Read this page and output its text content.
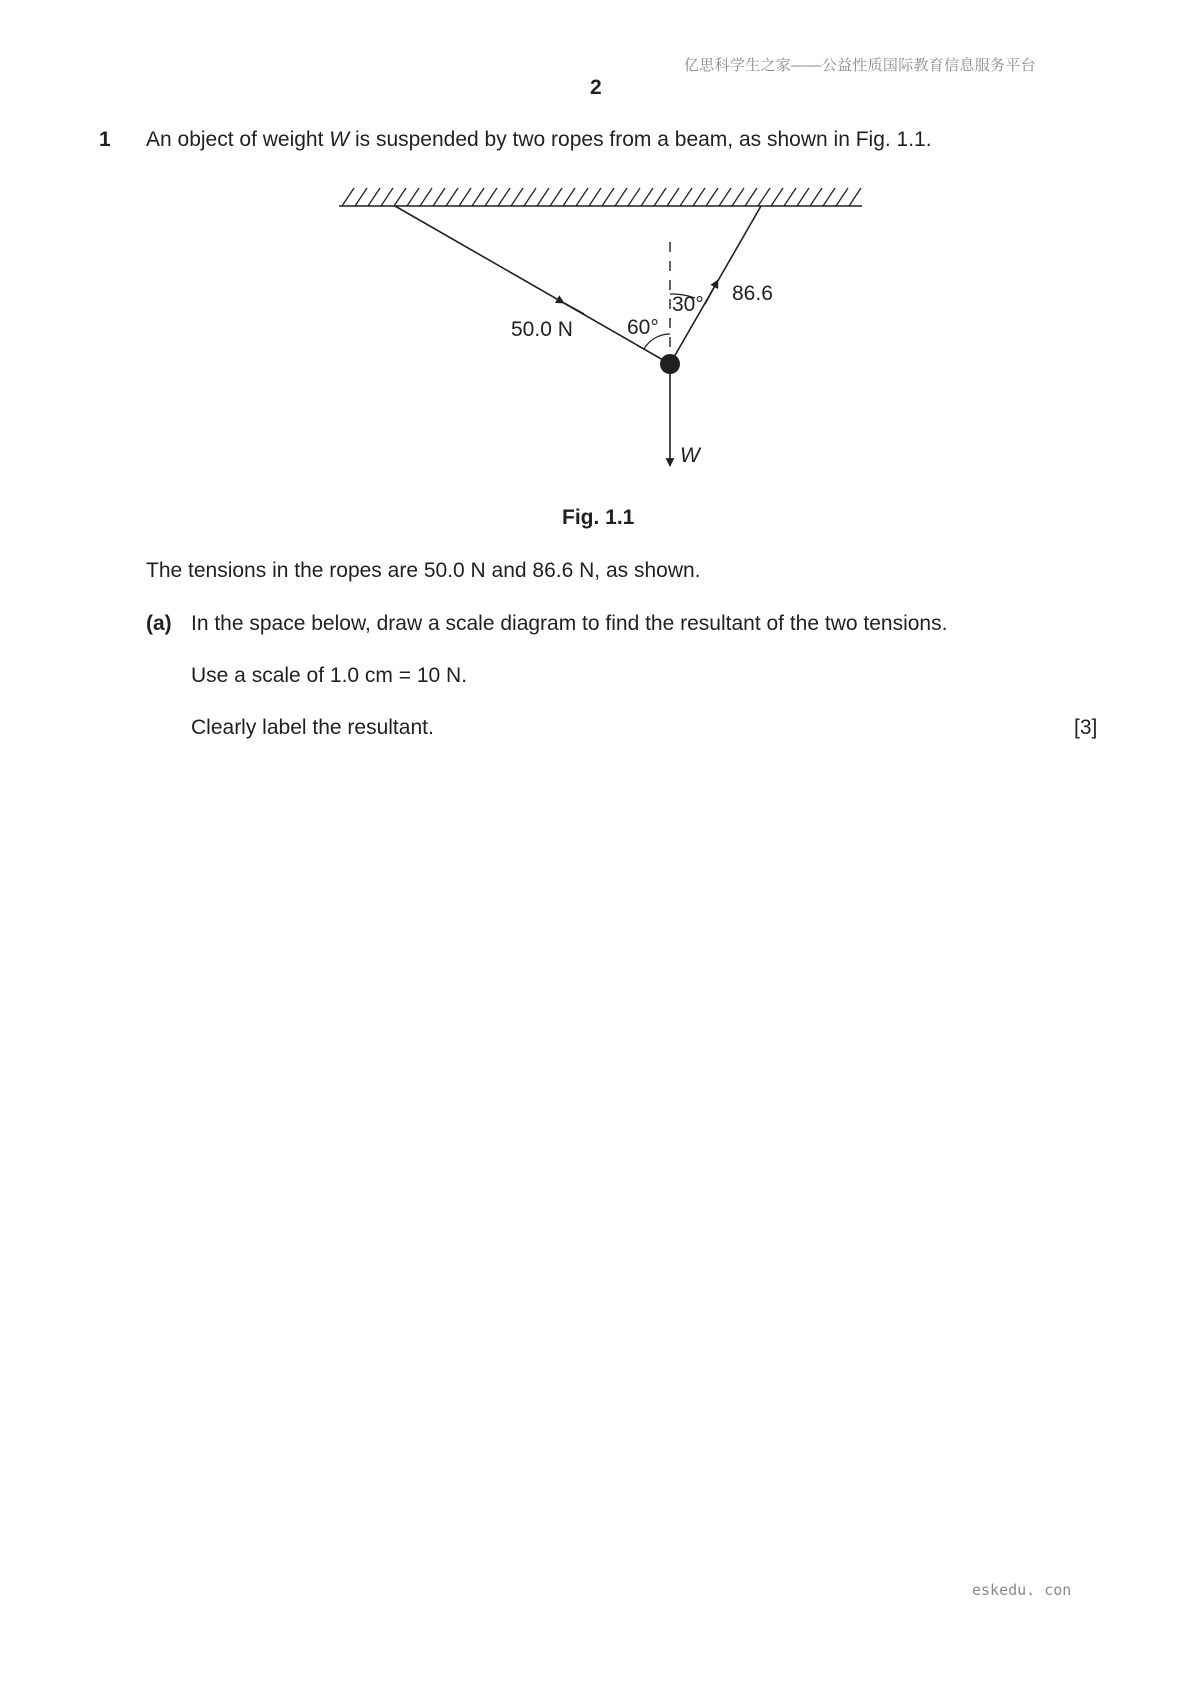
亿思科学生之家——公益性质国际教育信息服务平台
2
1 An object of weight W is suspended by two ropes from a beam, as shown in Fig. 1.1.
50.0 N
86.6
60°
30°
W
Fig. 1.1
The tensions in the ropes are 50.0 N and 86.6 N, as shown.
(a) In the space below, draw a scale diagram to find the resultant of the two tensions.
Use a scale of 1.0 cm = 10 N.
Clearly label the resultant.	[3]
eskedu. con
